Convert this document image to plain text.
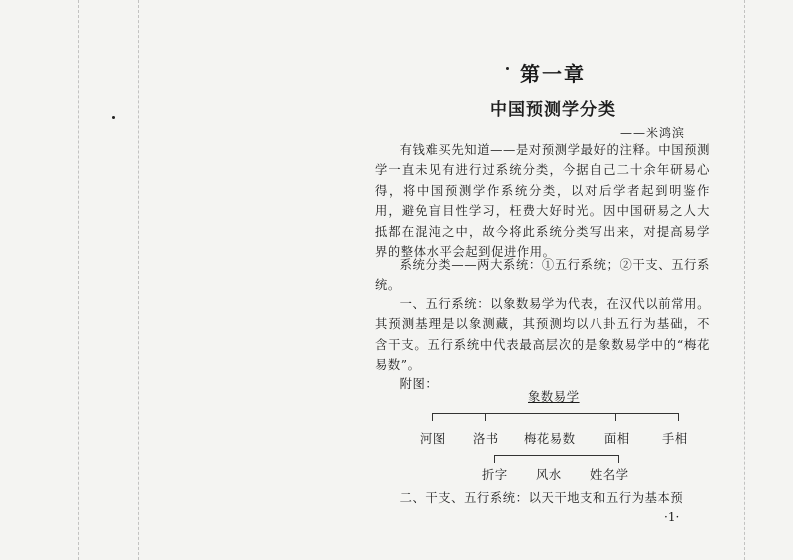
第一章
中国预测学分类
——米鸿滨

有钱难买先知道——是对预测学最好的注释。中国预测学一直未见有进行过系统分类，今据自己二十余年研易心得，将中国预测学作系统分类，以对后学者起到明鉴作用，避免盲目性学习，枉费大好时光。因中国研易之人大抵都在混沌之中，故今将此系统分类写出来，对提高易学界的整体水平会起到促进作用。

系统分类——两大系统：①五行系统；②干支、五行系统。

一、五行系统：以象数易学为代表，在汉代以前常用。其预测基理是以象测藏，其预测均以八卦五行为基础，不含干支。五行系统中代表最高层次的是象数易学中的“梅花易数”。

附图：

象数易学
河图 洛书 梅花易数 面相	手相
折字 风水 姓名学

二、干支、五行系统：以天干地支和五行为基本预

·1·
